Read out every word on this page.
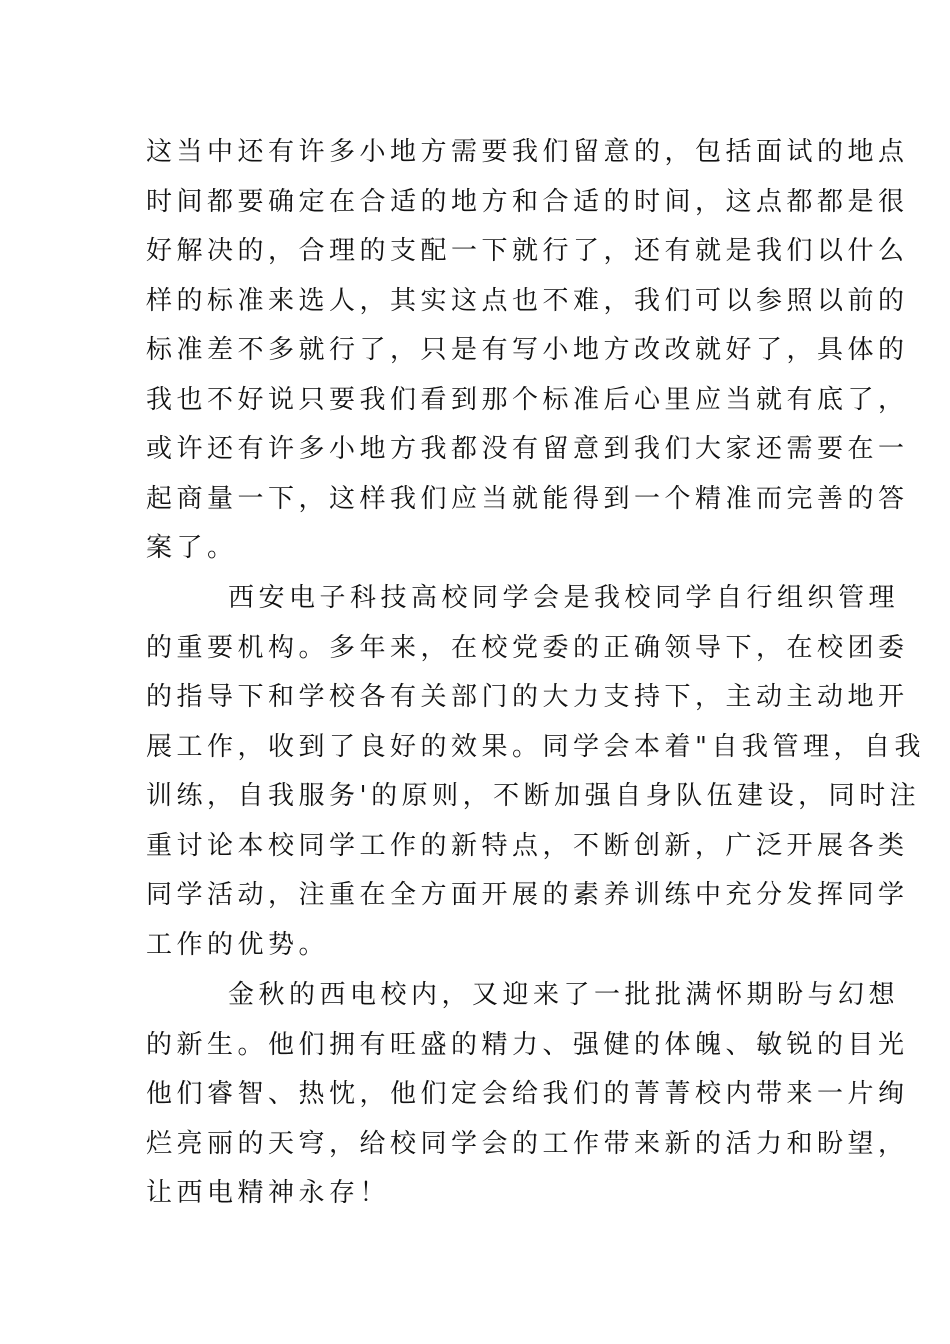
这当中还有许多小地方需要我们留意的，包括面试的地点
时间都要确定在合适的地方和合适的时间，这点都都是很
好解决的，合理的支配一下就行了，还有就是我们以什么
样的标准来选人，其实这点也不难，我们可以参照以前的
标准差不多就行了，只是有写小地方改改就好了，具体的
我也不好说只要我们看到那个标准后心里应当就有底了，
或许还有许多小地方我都没有留意到我们大家还需要在一
起商量一下，这样我们应当就能得到一个精准而完善的答
案了。
西安电子科技高校同学会是我校同学自行组织管理
的重要机构。多年来，在校党委的正确领导下，在校团委
的指导下和学校各有关部门的大力支持下，主动主动地开
展工作，收到了良好的效果。同学会本着"自我管理，自我
训练，自我服务'的原则，不断加强自身队伍建设，同时注
重讨论本校同学工作的新特点，不断创新，广泛开展各类
同学活动，注重在全方面开展的素养训练中充分发挥同学
工作的优势。
金秋的西电校内，又迎来了一批批满怀期盼与幻想
的新生。他们拥有旺盛的精力、强健的体魄、敏锐的目光
他们睿智、热忱，他们定会给我们的菁菁校内带来一片绚
烂亮丽的天穹，给校同学会的工作带来新的活力和盼望，
让西电精神永存！
